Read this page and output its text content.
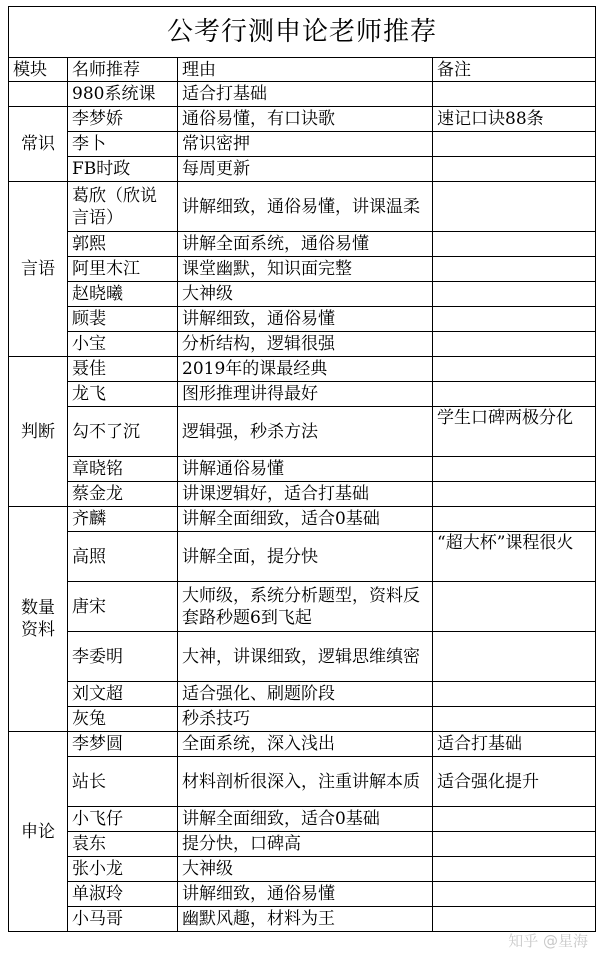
公考行测申论老师推荐			
模块	名师推荐	理由	备注
	980系统课	适合打基础	
常识	李梦娇	通俗易懂，有口诀歌	速记口诀88条
	李卜	常识密押	
	FB时政	每周更新	
言语	葛欣（欣说言语）	讲解细致，通俗易懂，讲课温柔	
	郭熙	讲解全面系统，通俗易懂	
	阿里木江	课堂幽默，知识面完整	
	赵晓曦	大神级	
	顾裴	讲解细致，通俗易懂	
	小宝	分析结构，逻辑很强	
判断	聂佳	2019年的课最经典	
	龙飞	图形推理讲得最好	
	勾不了沉	逻辑强，秒杀方法	学生口碑两极分化
	章晓铭	讲解通俗易懂	
	蔡金龙	讲课逻辑好，适合打基础	
数量资料	齐麟	讲解全面细致，适合0基础	
	高照	讲解全面，提分快	“超大杯”课程很火
	唐宋	大师级，系统分析题型，资料反套路秒题6到飞起	
	李委明	大神，讲课细致，逻辑思维缜密	
	刘文超	适合强化、刷题阶段	
	灰兔	秒杀技巧	
申论	李梦圆	全面系统，深入浅出	适合打基础
	站长	材料剖析很深入，注重讲解本质	适合强化提升
	小飞仔	讲解全面细致，适合0基础	
	袁东	提分快，口碑高	
	张小龙	大神级	
	单淑玲	讲解细致，通俗易懂	
	小马哥	幽默风趣，材料为王	
知乎 @星海
